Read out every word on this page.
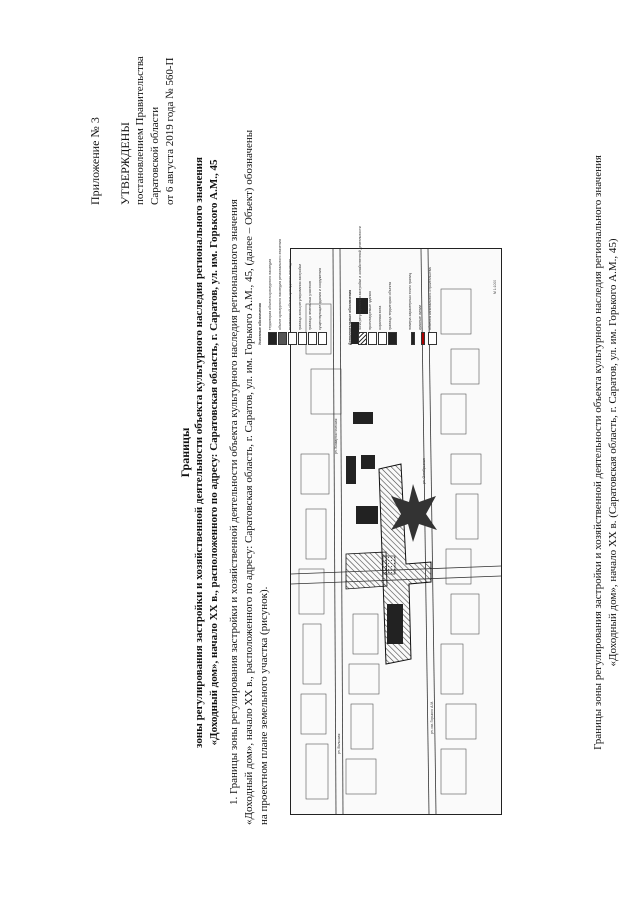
Приложение № 3 УТВЕРЖДЕНЫ постановлением Правительства Саратовской области от 6 августа 2019 года № 560-П
Границы зоны регулирования застройки и хозяйственной деятельности объекта культурного наследия регионального значения «Доходный дом», начало XX в., расположенного по адресу: Саратовская область, г. Саратов, ул. им. Горького А.М., 45 1. Границы зоны регулирования застройки и хозяйственной деятельности объекта культурного наследия регионального значения «Доходный дом», начало XX в., расположенного по адресу: Саратовская область, г. Саратов, ул. им. Горького А.М., 45, (далее – Объект) обозначены на проектном плане земельного участка (рисунок).	ул. им. Горького А.М.
ул. Октябрьская
ул. Вольская
ул. Коммунистическая
М 1:1000
Условные обозначения территория объекта культурного наследия объект культурного наследия регионального значения выявленный объект культурного наследия граница зоны регулирования застройки границы земельных участков существующие здания и сооружения	Дополнительные обозначения зона регулирования застройки и хозяйственной деятельности проектируемые здания охранная зона граница территории объекта	номера характерных точек границ красные линии объекты капитального строительства	Границы зоны регулирования застройки и хозяйственной деятельности объекта культурного наследия регионального значения «Доходный дом», начало XX в. (Саратовская область, г. Саратов, ул. им. Горького А.М., 45)
